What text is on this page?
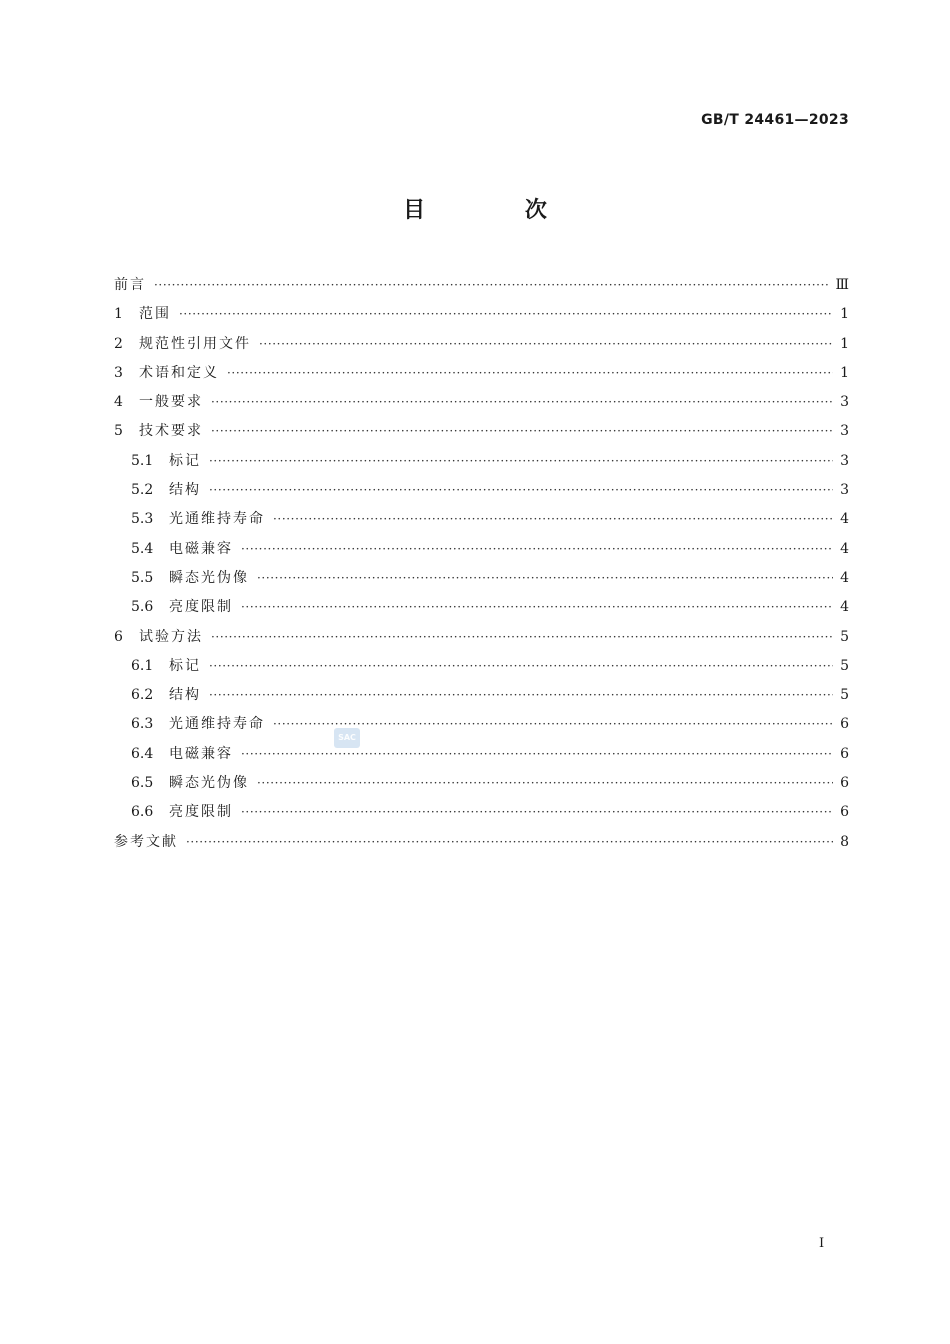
GB/T 24461—2023
目 次
前言 ·····	Ⅲ
1	范围 ·····	1
2	规范性引用文件 ·····	1
3	术语和定义 ·····	1
4	一般要求 ·····	3
5	技术要求 ·····	3
5.1	标记 ·····	3
5.2	结构 ·····	3
5.3	光通维持寿命 ·····	4
5.4	电磁兼容 ·····	4
5.5	瞬态光伪像 ·····	4
5.6	亮度限制 ·····	4
6	试验方法 ·····	5
6.1	标记 ·····	5
6.2	结构 ·····	5
6.3	光通维持寿命 ·····	6
6.4	电磁兼容 ·····	6
6.5	瞬态光伪像 ·····	6
6.6	亮度限制 ·····	6
参考文献 ·····	8
SAC
I
